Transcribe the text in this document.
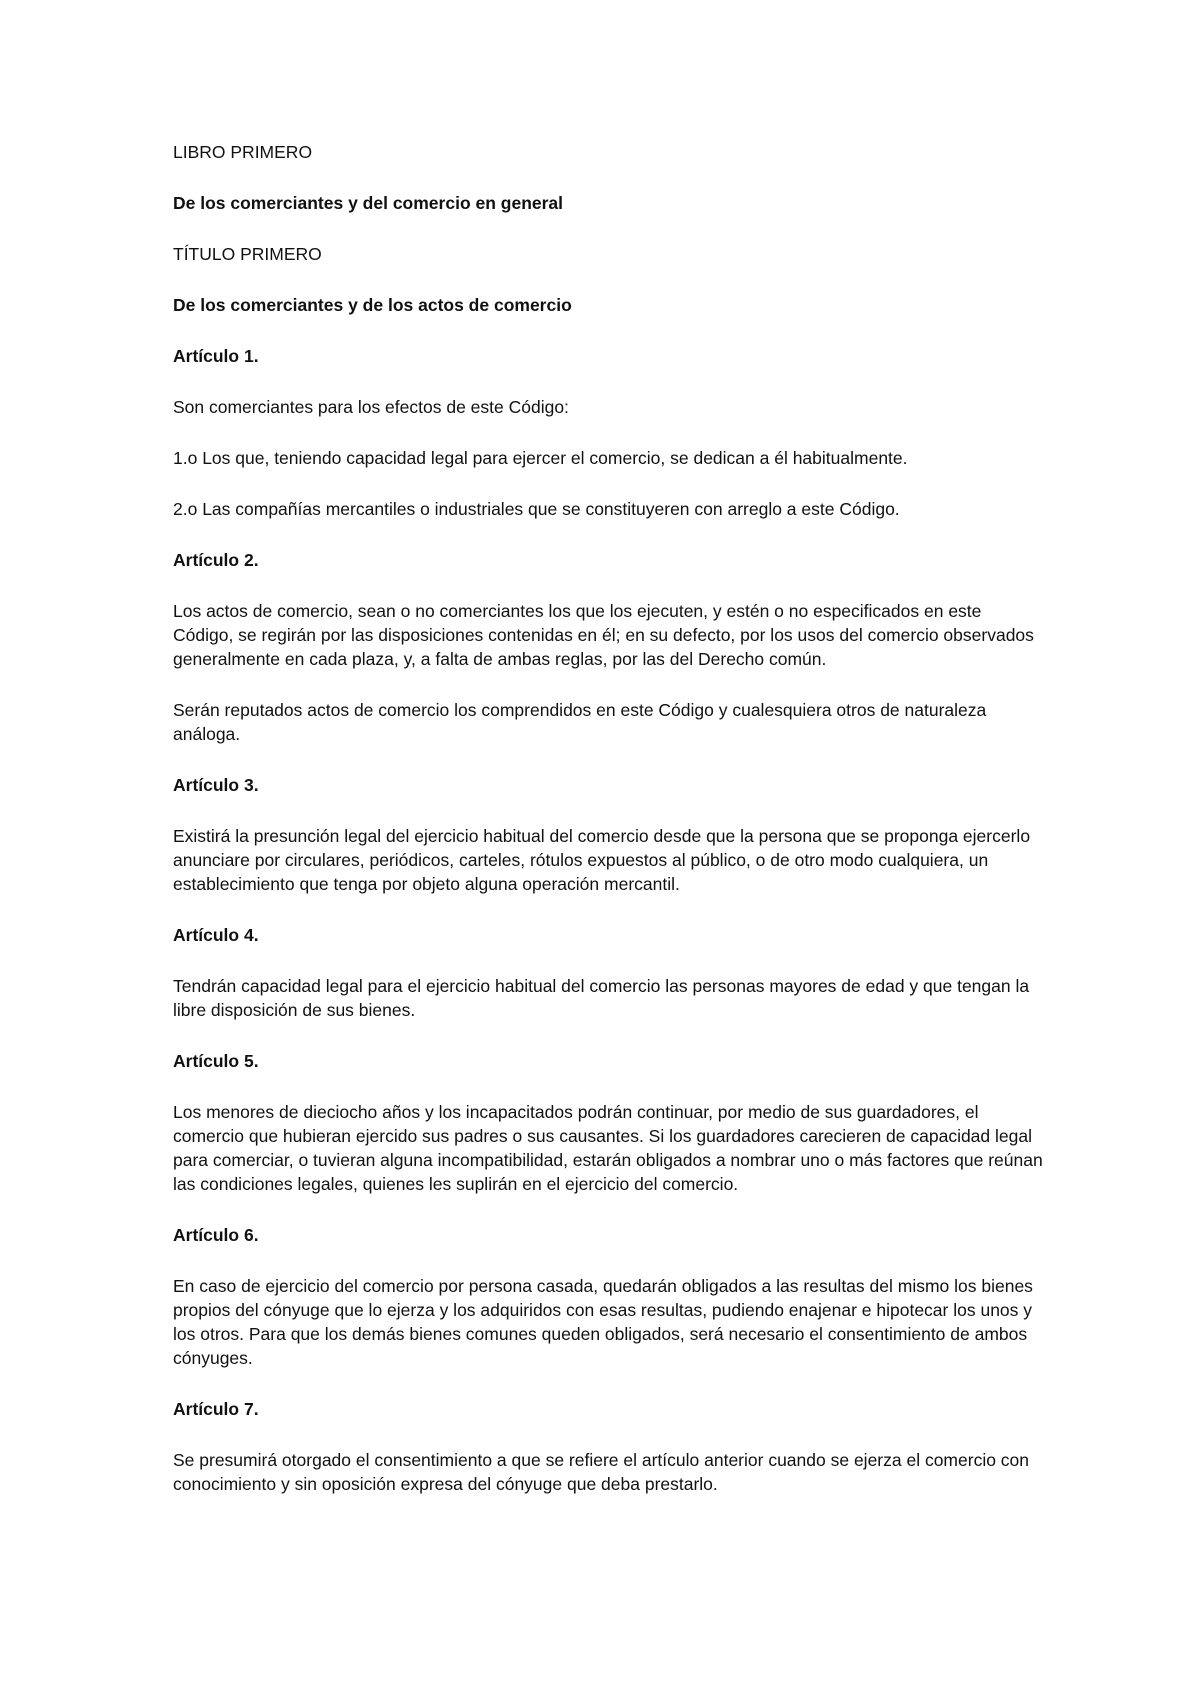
LIBRO PRIMERO

De los comerciantes y del comercio en general

TÍTULO PRIMERO

De los comerciantes y de los actos de comercio

Artículo 1.

Son comerciantes para los efectos de este Código:

1.o Los que, teniendo capacidad legal para ejercer el comercio, se dedican a él habitualmente.

2.o Las compañías mercantiles o industriales que se constituyeren con arreglo a este Código.

Artículo 2.

Los actos de comercio, sean o no comerciantes los que los ejecuten, y estén o no especificados en este Código, se regirán por las disposiciones contenidas en él; en su defecto, por los usos del comercio observados generalmente en cada plaza, y, a falta de ambas reglas, por las del Derecho común.

Serán reputados actos de comercio los comprendidos en este Código y cualesquiera otros de naturaleza análoga.

Artículo 3.

Existirá la presunción legal del ejercicio habitual del comercio desde que la persona que se proponga ejercerlo anunciare por circulares, periódicos, carteles, rótulos expuestos al público, o de otro modo cualquiera, un establecimiento que tenga por objeto alguna operación mercantil.

Artículo 4.

Tendrán capacidad legal para el ejercicio habitual del comercio las personas mayores de edad y que tengan la libre disposición de sus bienes.

Artículo 5.

Los menores de dieciocho años y los incapacitados podrán continuar, por medio de sus guardadores, el comercio que hubieran ejercido sus padres o sus causantes. Si los guardadores carecieren de capacidad legal para comerciar, o tuvieran alguna incompatibilidad, estarán obligados a nombrar uno o más factores que reúnan las condiciones legales, quienes les suplirán en el ejercicio del comercio.

Artículo 6.

En caso de ejercicio del comercio por persona casada, quedarán obligados a las resultas del mismo los bienes propios del cónyuge que lo ejerza y los adquiridos con esas resultas, pudiendo enajenar e hipotecar los unos y los otros. Para que los demás bienes comunes queden obligados, será necesario el consentimiento de ambos cónyuges.

Artículo 7.

Se presumirá otorgado el consentimiento a que se refiere el artículo anterior cuando se ejerza el comercio con conocimiento y sin oposición expresa del cónyuge que deba prestarlo.
